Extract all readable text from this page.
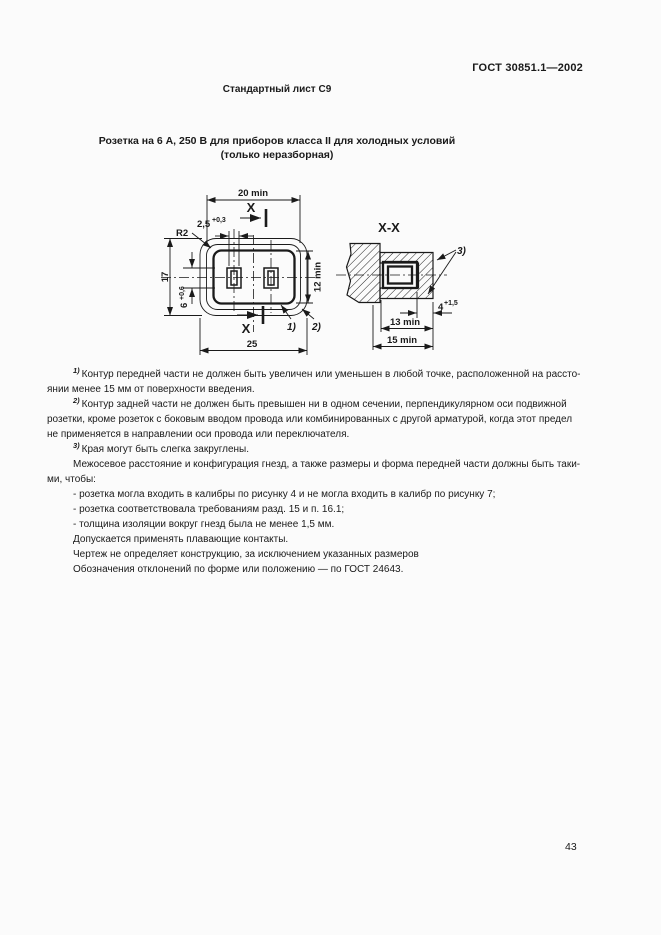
ГОСТ 30851.1—2002
Стандартный лист С9
Розетка на 6 А, 250 В для приборов класса II для холодных условий
(только неразборная)
20 min
2,5 +0,3
R2
17
6
+0,6
12 min
25
X
X	1) 2)
X-X
3)
4 +1,5
13 min
15 min
$^{1)}$ Контур передней части не должен быть увеличен или уменьшен в любой точке, расположенной на рассто-
янии менее 15 мм от поверхности введения.
$^{2)}$ Контур задней части не должен быть превышен ни в одном сечении, перпендикулярном оси подвижной
розетки, кроме розеток с боковым вводом провода или комбинированных с другой арматурой, когда этот предел
не применяется в направлении оси провода или переключателя.
$^{3)}$ Края могут быть слегка закруглены.
Межосевое расстояние и конфигурация гнезд, а также размеры и форма передней части должны быть таки-
ми, чтобы:
- розетка могла входить в калибры по рисунку 4 и не могла входить в калибр по рисунку 7;
- розетка соответствовала требованиям разд. 15 и п. 16.1;
- толщина изоляции вокруг гнезд была не менее 1,5 мм.
Допускается применять плавающие контакты.
Чертеж не определяет конструкцию, за исключением указанных размеров
Обозначения отклонений по форме или положению — по ГОСТ 24643.
43
